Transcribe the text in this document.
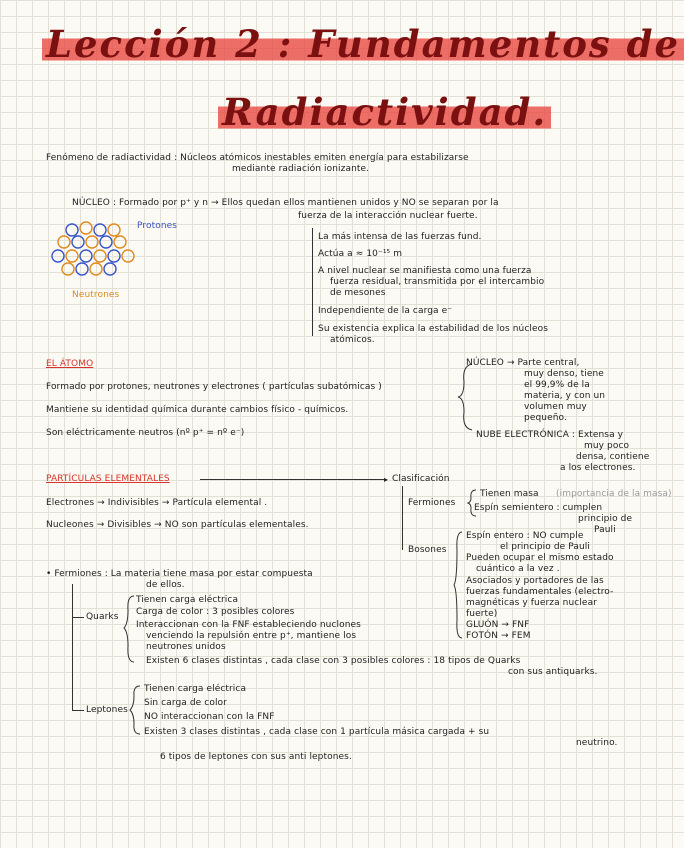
Lección 2 : Fundamentos de
Radiactividad.
Fenómeno de radiactividad : Núcleos atómicos inestables emiten energía para estabilizarse
mediante radiación ionizante.
NÚCLEO : Formado por p⁺ y n → Ellos quedan ellos mantienen unidos y NO se separan por la
fuerza de la interacción nuclear fuerte.
Protones
Neutrones
La más intensa de las fuerzas fund.
Actúa a ≈ 10⁻¹⁵ m
A nivel nuclear se manifiesta como una fuerza
fuerza residual, transmitida por el intercambio
de mesones
Independiente de la carga e⁻
Su existencia explica la estabilidad de los núcleos
atómicos.
EL ÁTOMO
Formado por protones, neutrones y electrones ( partículas subatómicas )
Mantiene su identidad química durante cambios físico - químicos.
Son eléctricamente neutros (nº p⁺ = nº e⁻)
NÚCLEO → Parte central,
muy denso, tiene
el 99,9% de la
materia, y con un
volumen muy
pequeño.
NUBE ELECTRÓNICA : Extensa y
muy poco
densa, contiene
a los electrones.
PARTÍCULAS ELEMENTALES	▸ Clasificación
Electrones → Indivisibles → Partícula elemental .
Nucleones → Divisibles → NO son partículas elementales.
Fermiones
Tienen masa (importancia de la masa)
Espín semientero : cumplen
principio de
Pauli
Bosones
Espín entero : NO cumple
el principio de Pauli
Pueden ocupar el mismo estado
cuántico a la vez .
Asociados y portadores de las
fuerzas fundamentales (electro-
magnéticas y fuerza nuclear
fuerte)
GLUÓN → FNF
FOTÓN → FEM
• Fermiones : La materia tiene masa por estar compuesta
de ellos.
Quarks
Tienen carga eléctrica
Carga de color : 3 posibles colores
Interaccionan con la FNF estableciendo nuclones
venciendo la repulsión entre p⁺, mantiene los
neutrones unidos
Existen 6 clases distintas , cada clase con 3 posibles colores : 18 tipos de Quarks
con sus antiquarks.
Leptones
Tienen carga eléctrica
Sin carga de color
NO interaccionan con la FNF
Existen 3 clases distintas , cada clase con 1 partícula másica cargada + su
neutrino.
6 tipos de leptones con sus anti leptones.
